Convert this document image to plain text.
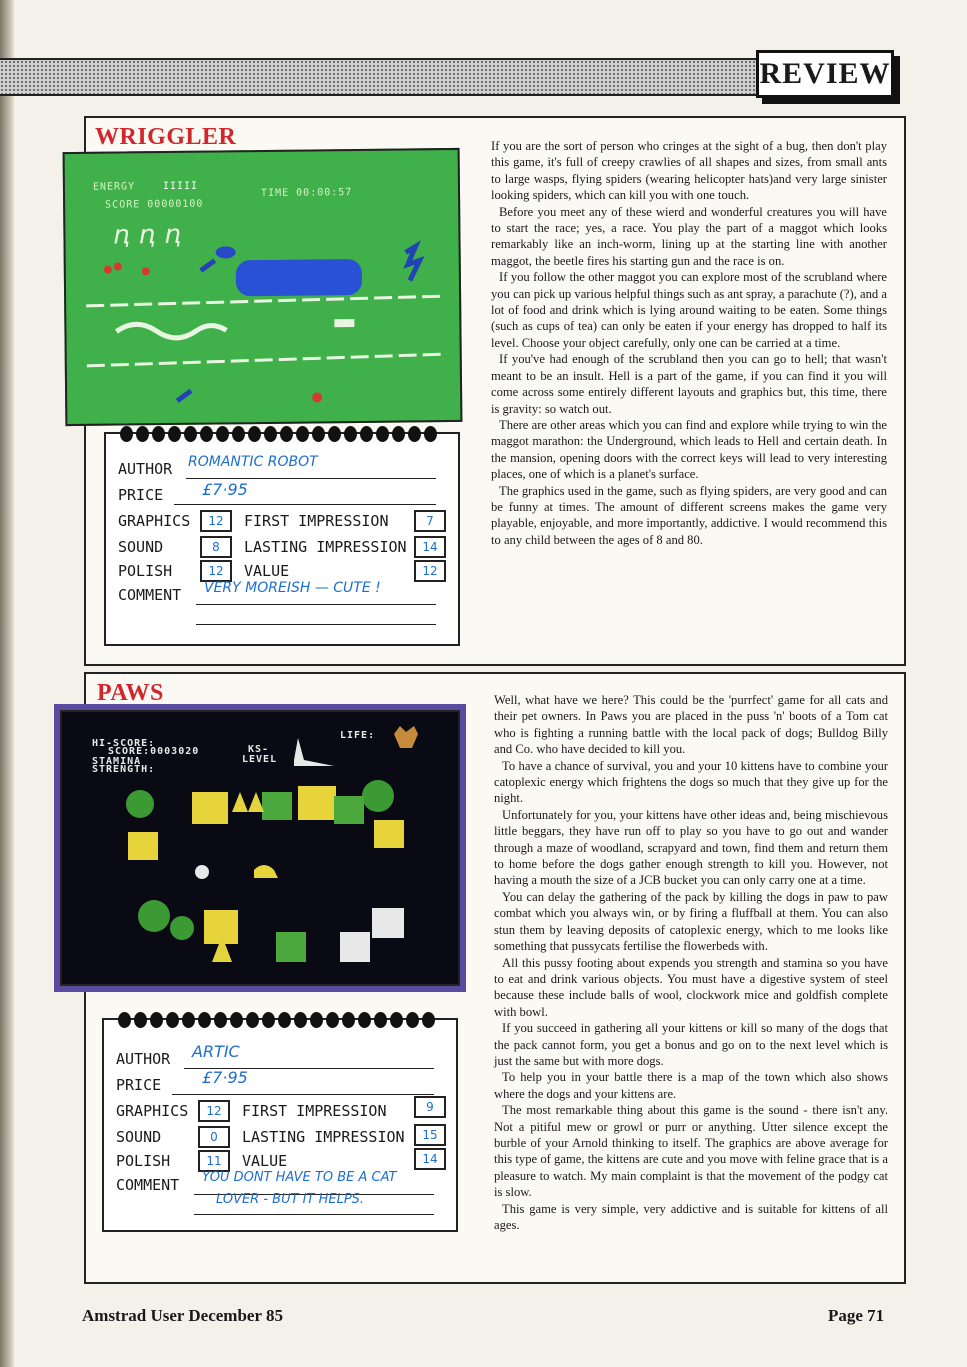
REVIEW
WRIGGLER
ENERGY	IIIII
TIME 00:00:57
SCORE 00000100
ꞑ ꞑ ꞑ
AUTHOR ROMANTIC ROBOT
PRICE £7·95
GRAPHICS	12	FIRST IMPRESSION	7
SOUND	8	LASTING IMPRESSION	14
POLISH	12	VALUE	12
COMMENT VERY MOREISH — CUTE !

If you are the sort of person who cringes at the sight of a bug, then don't play this game, it's full of creepy crawlies of all shapes and sizes, from small ants to large wasps, flying spiders (wearing helicopter hats)and very large sinister looking spiders, which can kill you with one touch.

Before you meet any of these wierd and wonderful creatures you will have to start the race; yes, a race. You play the part of a maggot which looks remarkably like an inch-worm, lining up at the starting line with another maggot, the beetle fires his starting gun and the race is on.

If you follow the other maggot you can explore most of the scrubland where you can pick up various helpful things such as ant spray, a parachute (?), and a lot of food and drink which is lying around waiting to be eaten. Some things (such as cups of tea) can only be eaten if your energy has dropped to half its level. Choose your object carefully, only one can be carried at a time.

If you've had enough of the scrubland then you can go to hell; that wasn't meant to be an insult. Hell is a part of the game, if you can find it you will come across some entirely different layouts and graphics but, this time, there is gravity: so watch out.

There are other areas which you can find and explore while trying to win the maggot marathon: the Underground, which leads to Hell and certain death. In the mansion, opening doors with the correct keys will lead to very interesting places, one of which is a planet's surface.

The graphics used in the game, such as flying spiders, are very good and can be funny at times. The amount of different screens makes the game very playable, enjoyable, and more importantly, addictive. I would recommend this to any child between the ages of 8 and 80.

PAWS
HI-SCORE:
SCORE:0003020
STAMINA
STRENGTH:
KS-
LEVEL
LIFE:
AUTHOR ARTIC
PRICE	£7·95
GRAPHICS	12	FIRST IMPRESSION	9
SOUND	0	LASTING IMPRESSION	15
POLISH	11	VALUE	14
COMMENT YOU DONT HAVE TO BE A CAT
LOVER - BUT IT HELPS.

Well, what have we here? This could be the 'purrfect' game for all cats and their pet owners. In Paws you are placed in the puss 'n' boots of a Tom cat who is fighting a running battle with the local pack of dogs; Bulldog Billy and Co. who have decided to kill you.

To have a chance of survival, you and your 10 kittens have to combine your catoplexic energy which frightens the dogs so much that they give up for the night.

Unfortunately for you, your kittens have other ideas and, being mischievous little beggars, they have run off to play so you have to go out and wander through a maze of woodland, scrapyard and town, find them and return them to home before the dogs gather enough strength to kill you. However, not having a mouth the size of a JCB bucket you can only carry one at a time.

You can delay the gathering of the pack by killing the dogs in paw to paw combat which you always win, or by firing a fluffball at them. You can also stun them by leaving deposits of catoplexic energy, which to me looks like something that pussycats fertilise the flowerbeds with.

All this pussy footing about expends you strength and stamina so you have to eat and drink various objects. You must have a digestive system of steel because these include balls of wool, clockwork mice and goldfish complete with bowl.

If you succeed in gathering all your kittens or kill so many of the dogs that the pack cannot form, you get a bonus and go on to the next level which is just the same but with more dogs.

To help you in your battle there is a map of the town which also shows where the dogs and your kittens are.

The most remarkable thing about this game is the sound - there isn't any. Not a pitiful mew or growl or purr or anything. Utter silence except the burble of your Arnold thinking to itself. The graphics are above average for this type of game, the kittens are cute and you move with feline grace that is a pleasure to watch. My main complaint is that the movement of the podgy cat is slow.

This game is very simple, very addictive and is suitable for kittens of all ages.

Amstrad User December 85	Page 71
